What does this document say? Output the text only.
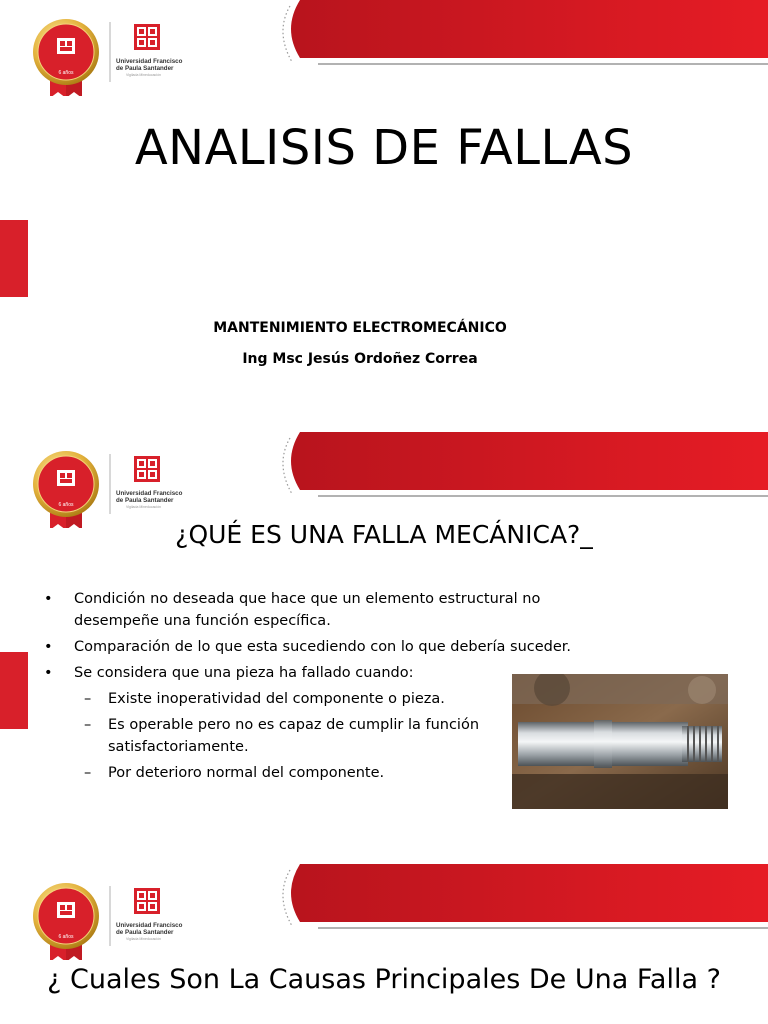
6 años
Universidad Francisco
de Paula Santander
Vigilada Mineducación
ANALISIS DE FALLAS
MANTENIMIENTO ELECTROMECÁNICO
Ing Msc Jesús Ordoñez Correa
6 años
Universidad Francisco
de Paula Santander
Vigilada Mineducación
¿QUÉ ES UNA FALLA MECÁNICA?_
• Condición no deseada que hace que un elemento estructural no desempeñe una función específica.
• Comparación de lo que esta sucediendo con lo que debería suceder.
• Se considera que una pieza ha fallado cuando:
– Existe inoperatividad del componente o pieza.
– Es operable pero no es capaz de cumplir la función satisfactoriamente.
– Por deterioro normal del componente.
6 años
Universidad Francisco
de Paula Santander
Vigilada Mineducación
¿ Cuales Son La Causas Principales De Una Falla ?
